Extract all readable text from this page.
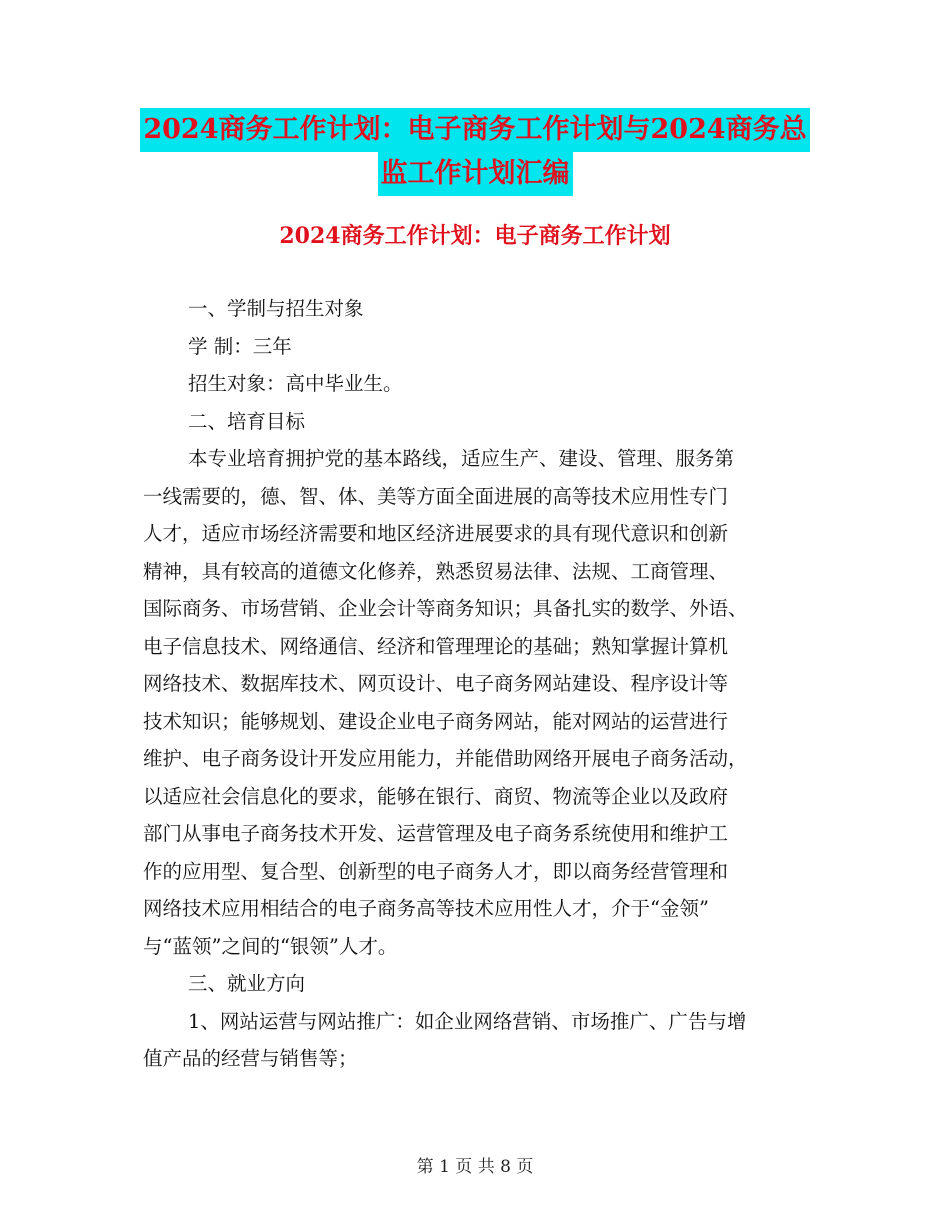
2024商务工作计划：电子商务工作计划与2024商务总
监工作计划汇编
2024商务工作计划：电子商务工作计划
一、学制与招生对象
学 制：三年
招生对象：高中毕业生。
二、培育目标
本专业培育拥护党的基本路线，适应生产、建设、管理、服务第
一线需要的，德、智、体、美等方面全面进展的高等技术应用性专门
人才，适应市场经济需要和地区经济进展要求的具有现代意识和创新
精神，具有较高的道德文化修养，熟悉贸易法律、法规、工商管理、
国际商务、市场营销、企业会计等商务知识；具备扎实的数学、外语、
电子信息技术、网络通信、经济和管理理论的基础；熟知掌握计算机
网络技术、数据库技术、网页设计、电子商务网站建设、程序设计等
技术知识；能够规划、建设企业电子商务网站，能对网站的运营进行
维护、电子商务设计开发应用能力，并能借助网络开展电子商务活动，
以适应社会信息化的要求，能够在银行、商贸、物流等企业以及政府
部门从事电子商务技术开发、运营管理及电子商务系统使用和维护工
作的应用型、复合型、创新型的电子商务人才，即以商务经营管理和
网络技术应用相结合的电子商务高等技术应用性人才，介于“金领”
与“蓝领”之间的“银领”人才。
三、就业方向
1、网站运营与网站推广：如企业网络营销、市场推广、广告与增
值产品的经营与销售等；
第 1 页 共 8 页
